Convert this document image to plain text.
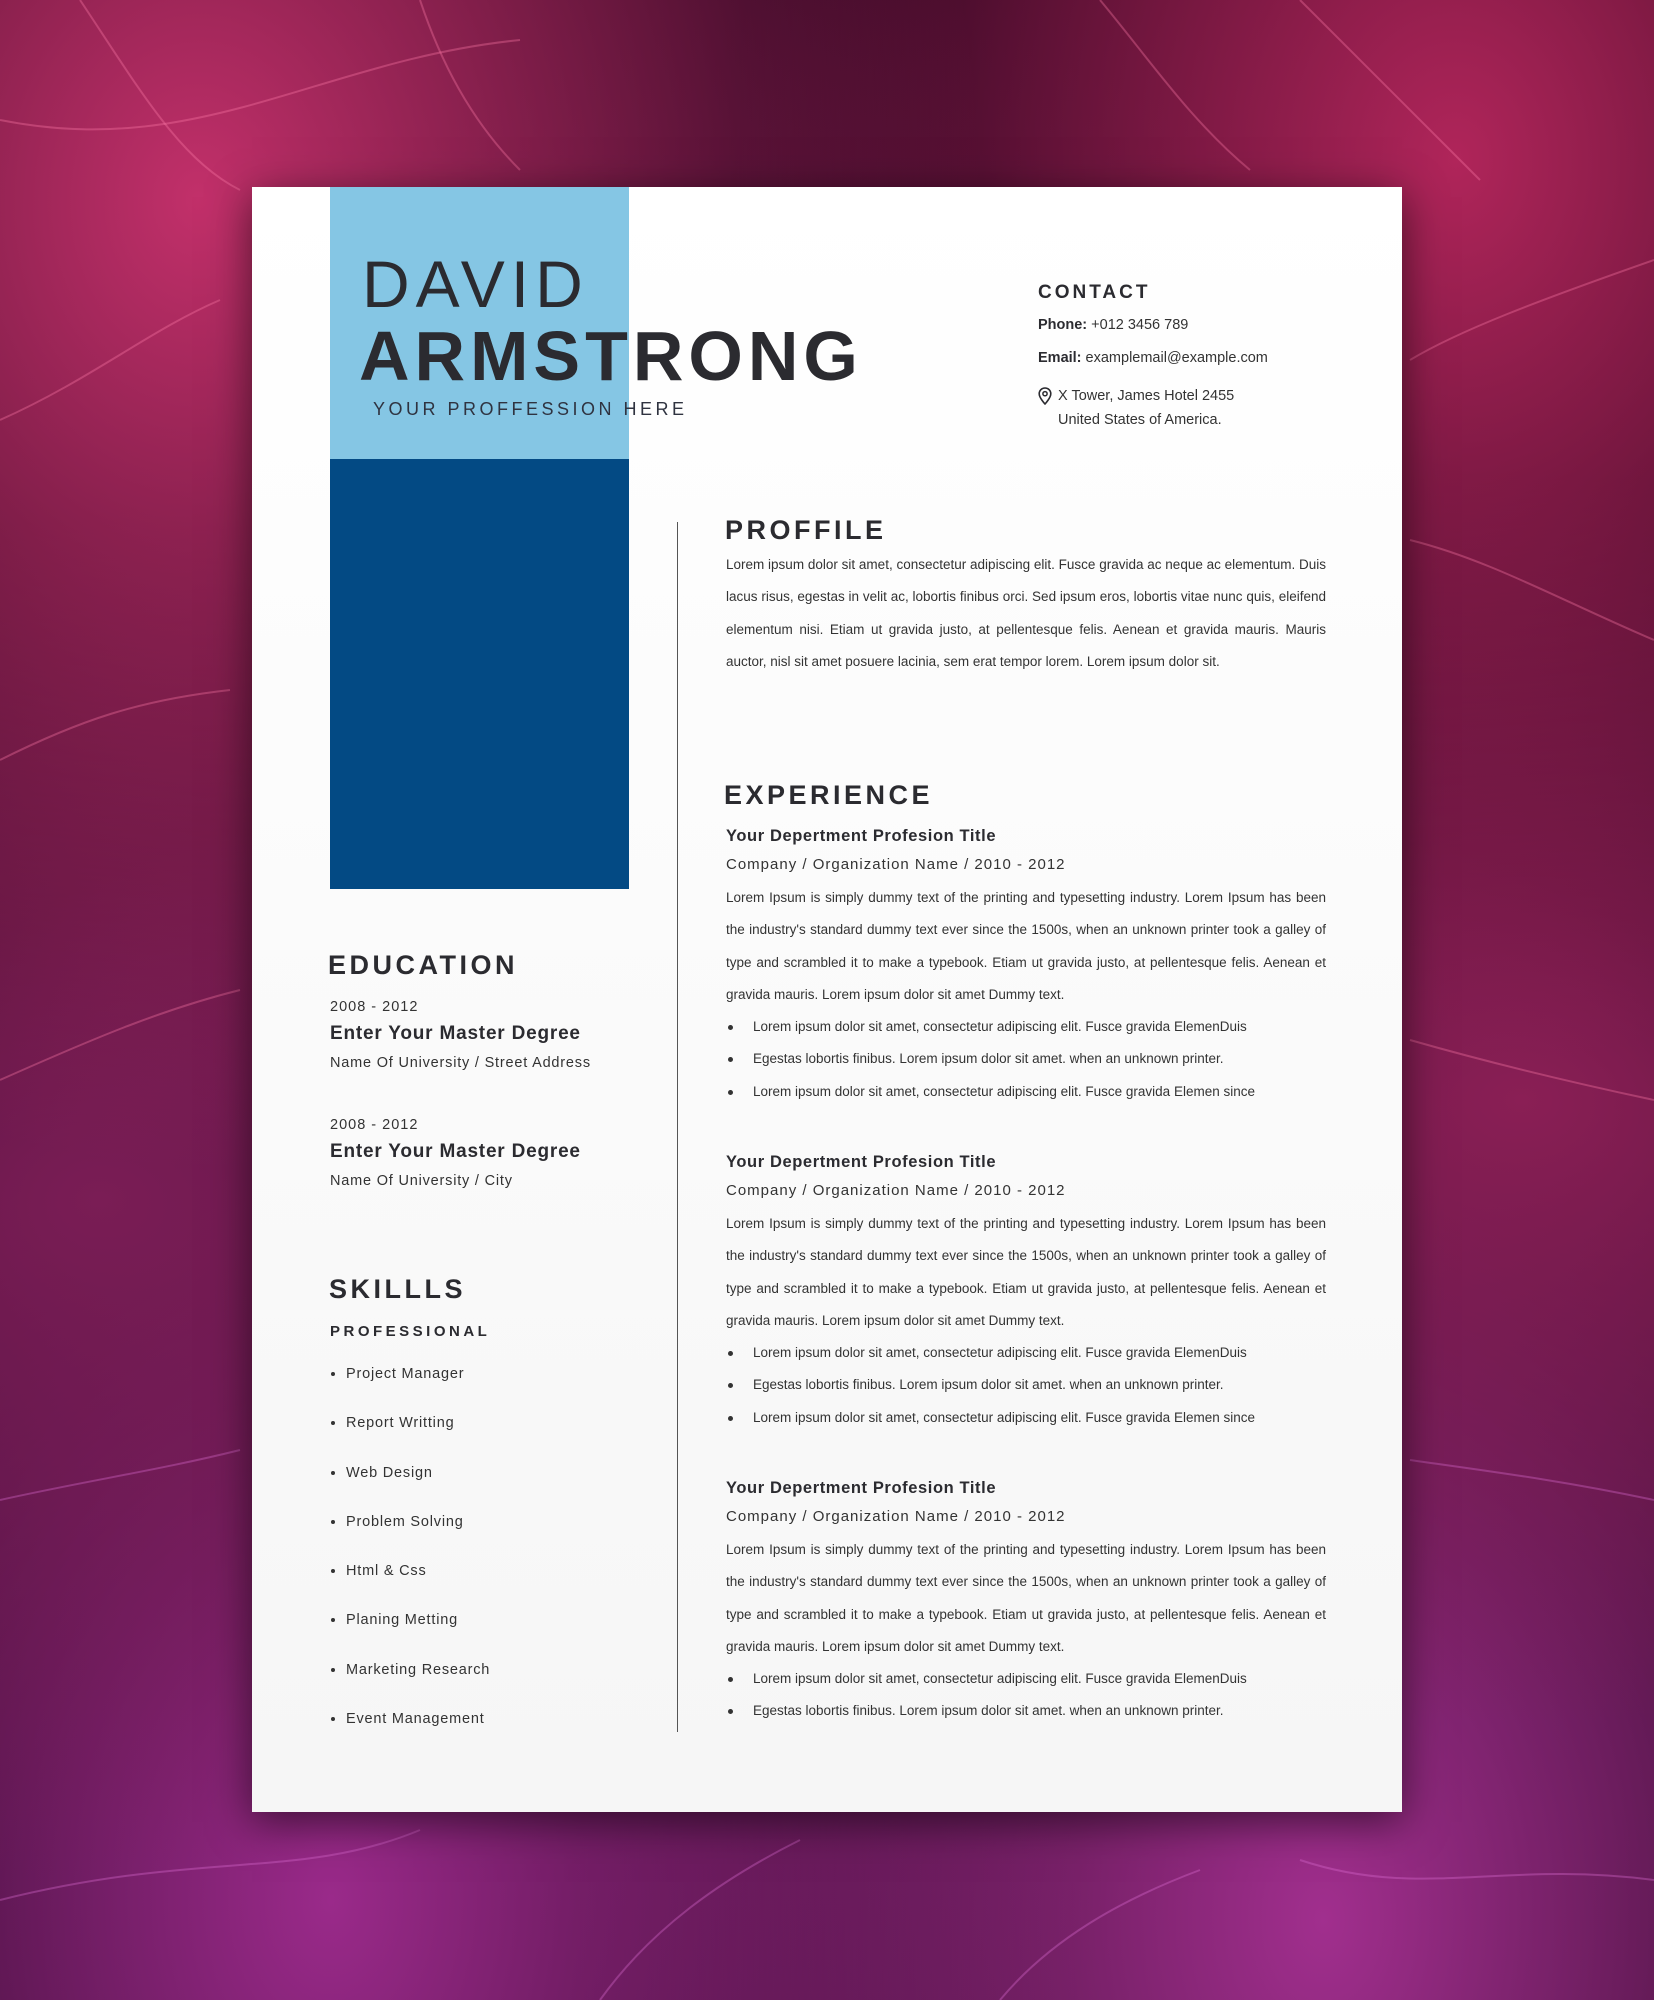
DAVID
ARMSTRONG
YOUR PROFFESSION HERE
CONTACT
Phone: +012 3456 789
Email: examplemail@example.com
X Tower, James Hotel 2455
United States of America.
PROFFILE

Lorem ipsum dolor sit amet, consectetur adipiscing elit. Fusce gravida ac neque ac elementum. Duis lacus risus, egestas in velit ac, lobortis finibus orci. Sed ipsum eros, lobortis vitae nunc quis, eleifend elementum nisi. Etiam ut gravida justo, at pellentesque felis. Aenean et gravida mauris. Mauris auctor, nisl sit amet posuere lacinia, sem erat tempor lorem. Lorem ipsum dolor sit.

EXPERIENCE
Your Depertment Profesion Title
Company / Organization Name / 2010 - 2012

Lorem Ipsum is simply dummy text of the printing and typesetting industry. Lorem Ipsum has been the industry's standard dummy text ever since the 1500s, when an unknown printer took a galley of type and scrambled it to make a typebook. Etiam ut gravida justo, at pellentesque felis. Aenean et gravida mauris. Lorem ipsum dolor sit amet Dummy text.

Lorem ipsum dolor sit amet, consectetur adipiscing elit. Fusce gravida ElemenDuis
Egestas lobortis finibus. Lorem ipsum dolor sit amet. when an unknown printer.
Lorem ipsum dolor sit amet, consectetur adipiscing elit. Fusce gravida Elemen since
Your Depertment Profesion Title
Company / Organization Name / 2010 - 2012

Lorem Ipsum is simply dummy text of the printing and typesetting industry. Lorem Ipsum has been the industry's standard dummy text ever since the 1500s, when an unknown printer took a galley of type and scrambled it to make a typebook. Etiam ut gravida justo, at pellentesque felis. Aenean et gravida mauris. Lorem ipsum dolor sit amet Dummy text.

Lorem ipsum dolor sit amet, consectetur adipiscing elit. Fusce gravida ElemenDuis
Egestas lobortis finibus. Lorem ipsum dolor sit amet. when an unknown printer.
Lorem ipsum dolor sit amet, consectetur adipiscing elit. Fusce gravida Elemen since
Your Depertment Profesion Title
Company / Organization Name / 2010 - 2012

Lorem Ipsum is simply dummy text of the printing and typesetting industry. Lorem Ipsum has been the industry's standard dummy text ever since the 1500s, when an unknown printer took a galley of type and scrambled it to make a typebook. Etiam ut gravida justo, at pellentesque felis. Aenean et gravida mauris. Lorem ipsum dolor sit amet Dummy text.

Lorem ipsum dolor sit amet, consectetur adipiscing elit. Fusce gravida ElemenDuis
Egestas lobortis finibus. Lorem ipsum dolor sit amet. when an unknown printer.
EDUCATION
2008 - 2012
Enter Your Master Degree
Name Of University / Street Address
2008 - 2012
Enter Your Master Degree
Name Of University / City
SKILLLS
PROFESSIONAL
Project Manager
Report Writting
Web Design
Problem Solving
Html & Css
Planing Metting
Marketing Research
Event Management
